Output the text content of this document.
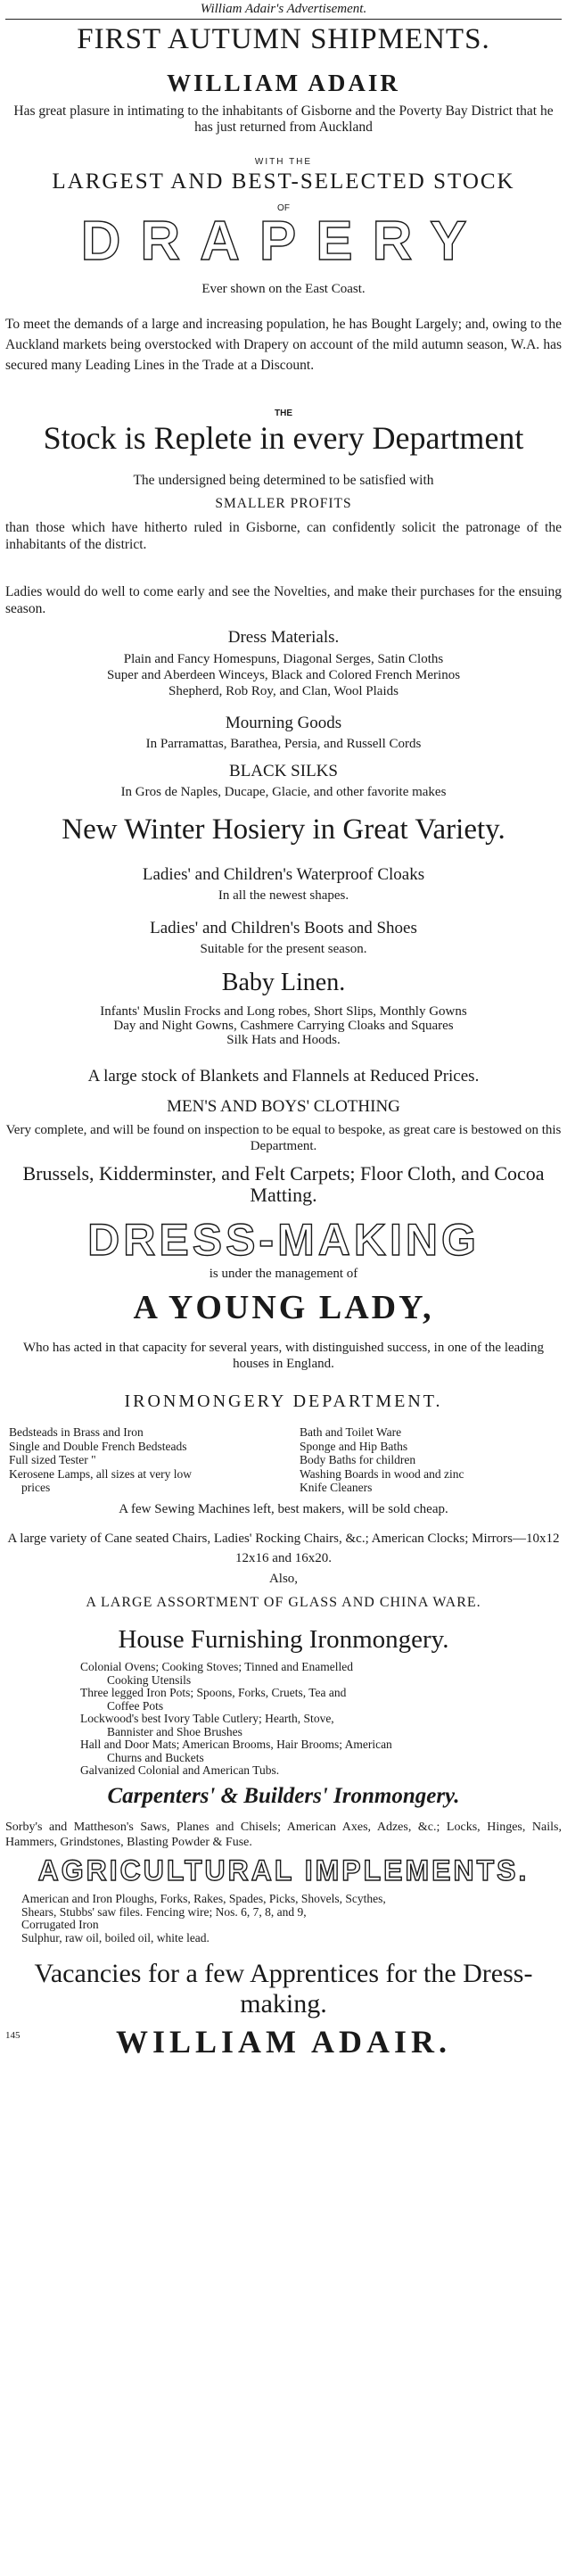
William Adair's Advertisement.
FIRST AUTUMN SHIPMENTS.
WILLIAM ADAIR
Has great plasure in intimating to the inhabitants of Gisborne and the Poverty Bay District that he has just returned from Auckland
WITH THE
LARGEST AND BEST-SELECTED STOCK
OF
DRAPERY
Ever shown on the East Coast.
To meet the demands of a large and increasing population, he has Bought Largely; and, owing to the Auckland markets being overstocked with Drapery on account of the mild autumn season, W.A. has secured many Leading Lines in the Trade at a Discount.
THE
Stock is Replete in every Department
The undersigned being determined to be satisfied with
SMALLER PROFITS
than those which have hitherto ruled in Gisborne, can confidently solicit the patronage of the inhabitants of the district.
Ladies would do well to come early and see the Novelties, and make their purchases for the ensuing season.
Dress Materials.
Plain and Fancy Homespuns, Diagonal Serges, Satin Cloths
Super and Aberdeen Winceys, Black and Colored French Merinos
Shepherd, Rob Roy, and Clan, Wool Plaids
Mourning Goods
In Parramattas, Barathea, Persia, and Russell Cords
BLACK SILKS
In Gros de Naples, Ducape, Glacie, and other favorite makes
New Winter Hosiery in Great Variety.
Ladies' and Children's Waterproof Cloaks
In all the newest shapes.
Ladies' and Children's Boots and Shoes
Suitable for the present season.
Baby Linen.
Infants' Muslin Frocks and Long robes, Short Slips, Monthly Gowns
Day and Night Gowns, Cashmere Carrying Cloaks and Squares
Silk Hats and Hoods.
A large stock of Blankets and Flannels at Reduced Prices.
MEN'S AND BOYS' CLOTHING
Very complete, and will be found on inspection to be equal to bespoke, as great care is bestowed on this Department.
Brussels, Kidderminster, and Felt Carpets; Floor Cloth, and Cocoa Matting.
DRESS-MAKING
is under the management of
A YOUNG LADY,
Who has acted in that capacity for several years, with distinguished success, in one of the leading houses in England.
IRONMONGERY DEPARTMENT.
Bedsteads in Brass and Iron
Single and Double French Bedsteads
Full sized Tester "
Kerosene Lamps, all sizes at very low
prices
Bath and Toilet Ware
Sponge and Hip Baths
Body Baths for children
Washing Boards in wood and zinc
Knife Cleaners
A few Sewing Machines left, best makers, will be sold cheap.
A large variety of Cane seated Chairs, Ladies' Rocking Chairs, &c.; American Clocks; Mirrors—10x12 12x16 and 16x20.
Also,
A LARGE ASSORTMENT OF GLASS AND CHINA WARE.
House Furnishing Ironmongery.
Colonial Ovens; Cooking Stoves; Tinned and Enamelled
Cooking Utensils
Three legged Iron Pots; Spoons, Forks, Cruets, Tea and
Coffee Pots
Lockwood's best Ivory Table Cutlery; Hearth, Stove,
Bannister and Shoe Brushes
Hall and Door Mats; American Brooms, Hair Brooms; American
Churns and Buckets
Galvanized Colonial and American Tubs.
Carpenters' & Builders' Ironmongery.
Sorby's and Mattheson's Saws, Planes and Chisels; American Axes, Adzes, &c.; Locks, Hinges, Nails, Hammers, Grindstones, Blasting Powder & Fuse.
AGRICULTURAL IMPLEMENTS.
American and Iron Ploughs, Forks, Rakes, Spades, Picks, Shovels, Scythes,
Shears, Stubbs' saw files. Fencing wire; Nos. 6, 7, 8, and 9,
Corrugated Iron
Sulphur, raw oil, boiled oil, white lead.
Vacancies for a few Apprentices for the Dress-making.
145	WILLIAM ADAIR.
